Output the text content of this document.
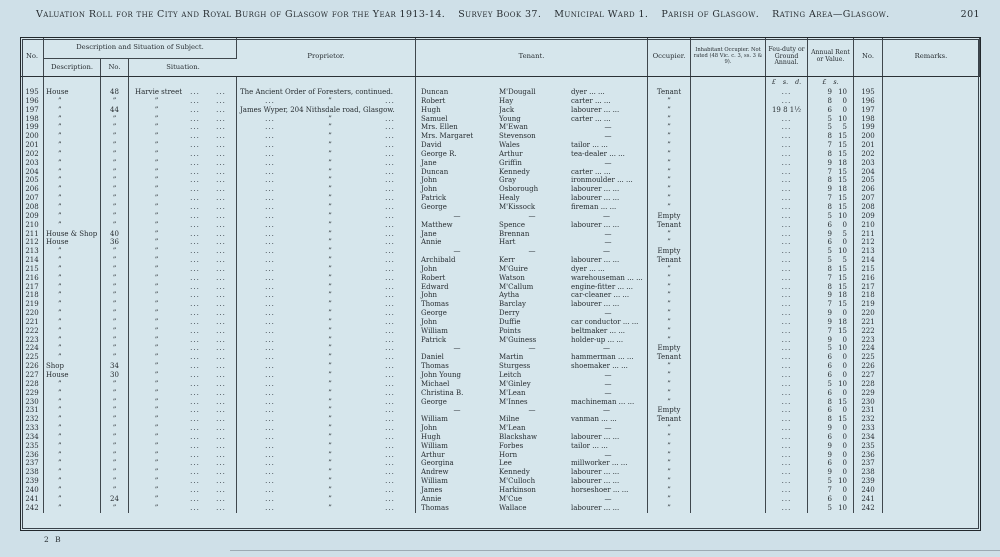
Valuation Roll for the City and Royal Burgh of Glasgow for the Year 1913-14. Survey Book 37. Municipal Ward 1. Parish of Glasgow. Rating Area—Glasgow.	201
No.
Description and Situation of Subject.
Proprietor.	Tenant.	Occupier.
Inhabitant Occupier. Not rated (48 Vic. c. 3, ss. 3 & 9).
Feu-duty or Ground Annual.
Annual Rent or Value.	No.	Remarks.
Description.	No.	Situation.
£ s. d.	£ s.
195	House	48	Harvie street	...	...	The Ancient Order of Foresters, continued.	Duncan	M'Dougall	dyer ... ...	Tenant	...	9 10	195
196	”	”	”	...	...	...	”	...	Robert	Hay	carter ... ...	”	...	8	0	196
197	”	44	”	...	...	James Wyper, 204 Nithsdale road, Glasgow.	Hugh	Jack	labourer ... ...	”	19 8 1½	6	0	197
198	”	”	”	...	...	...	”	...	Samuel	Young	carter ... ...	”	...	5 10	198
199	”	”	”	...	...	...	”	...	Mrs. Ellen	M'Ewan	—	”	...	5	5	199
200	”	”	”	...	...	...	”	...	Mrs. Margaret	Stevenson	—	”	...	8 15	200
201	”	”	”	...	...	...	”	...	David	Wales	tailor ... ...	”	...	7 15	201
202	”	”	”	...	...	...	”	...	George R.	Arthur	tea-dealer ... ...	”	...	8 15	202
203	”	”	”	...	...	...	”	...	Jane	Griffin	—	”	...	9 18	203
204	”	”	”	...	...	...	”	...	Duncan	Kennedy	carter ... ...	”	...	7 15	204
205	”	”	”	...	...	...	”	...	John	Gray	ironmoulder ... ...	”	...	8 15	205
206	”	”	”	...	...	...	”	...	John	Osborough	labourer ... ...	”	...	9 18	206
207	”	”	”	...	...	...	”	...	Patrick	Healy	labourer ... ...	”	...	7 15	207
208	”	”	”	...	...	...	”	...	George	M'Kissock	fireman ... ...	”	...	8 15	208
209	”	”	”	...	...	...	”	...	—	—	—	Empty	...	5 10	209
210	”	”	”	...	...	...	”	...	Matthew	Spence	labourer ... ...	Tenant	...	6	0	210
211	House & Shop	40	”	...	...	...	”	...	Jane	Brennan	—	”	...	9	5	211
212	House	36	”	...	...	...	”	...	Annie	Hart	—	”	...	6	0	212
213	”	”	”	...	...	...	”	...	—	—	—	Empty	...	5 10	213
214	”	”	”	...	...	...	”	...	Archibald	Kerr	labourer ... ...	Tenant	...	5	5	214
215	”	”	”	...	...	...	”	...	John	M'Guire	dyer ... ...	”	...	8 15	215
216	”	”	”	...	...	...	”	...	Robert	Watson	warehouseman ... ...	”	...	7 15	216
217	”	”	”	...	...	...	”	...	Edward	M'Callum	engine-fitter ... ...	”	...	8 15	217
218	”	”	”	...	...	...	”	...	John	Aytha	car-cleaner ... ...	”	...	9 18	218
219	”	”	”	...	...	...	”	...	Thomas	Barclay	labourer ... ...	”	...	7 15	219
220	”	”	”	...	...	...	”	...	George	Derry	—	”	...	9	0	220
221	”	”	”	...	...	...	”	...	John	Duffie	car conductor ... ...	”	...	9 18	221
222	”	”	”	...	...	...	”	...	William	Points	beltmaker ... ...	”	...	7 15	222
223	”	”	”	...	...	...	”	...	Patrick	M'Guiness	holder-up ... ...	”	...	9	0	223
224	”	”	”	...	...	...	”	...	—	—	—	Empty	...	5 10	224
225	”	”	”	...	...	...	”	...	Daniel	Martin	hammerman ... ...	Tenant	...	6	0	225
226	Shop	34	”	...	...	...	”	...	Thomas	Sturgess	shoemaker ... ...	”	...	6	0	226
227	House	30	”	...	...	...	”	...	John Young	Leitch	—	”	...	6	0	227
228	”	”	”	...	...	...	”	...	Michael	M'Ginley	—	”	...	5 10	228
229	”	”	”	...	...	...	”	...	Christina B.	M'Lean	—	”	...	6	0	229
230	”	”	”	...	...	...	”	...	George	M'Innes	machineman ... ...	”	...	8 15	230
231	”	”	”	...	...	...	”	...	—	—	—	Empty	...	6	0	231
232	”	”	”	...	...	...	”	...	William	Milne	vanman ... ...	Tenant	...	8 15	232
233	”	”	”	...	...	...	”	...	John	M'Lean	—	”	...	9	0	233
234	”	”	”	...	...	...	”	...	Hugh	Blackshaw	labourer ... ...	”	...	6	0	234
235	”	”	”	...	...	...	”	...	William	Forbes	tailor ... ...	”	...	9	0	235
236	”	”	”	...	...	...	”	...	Arthur	Horn	—	”	...	9	0	236
237	”	”	”	...	...	...	”	...	Georgina	Lee	millworker ... ...	”	...	6	0	237
238	”	”	”	...	...	...	”	...	Andrew	Kennedy	labourer ... ...	”	...	9	0	238
239	”	”	”	...	...	...	”	...	William	M'Culloch	labourer ... ...	”	...	5 10	239
240	”	”	”	...	...	...	”	...	James	Harkinson	horseshoer ... ...	”	...	7	0	240
241	”	24	”	...	...	...	”	...	Annie	M'Cue	—	”	...	6	0	241
242	”	”	”	...	...	...	”	...	Thomas	Wallace	labourer ... ...	”	...	5 10	242
2 B
